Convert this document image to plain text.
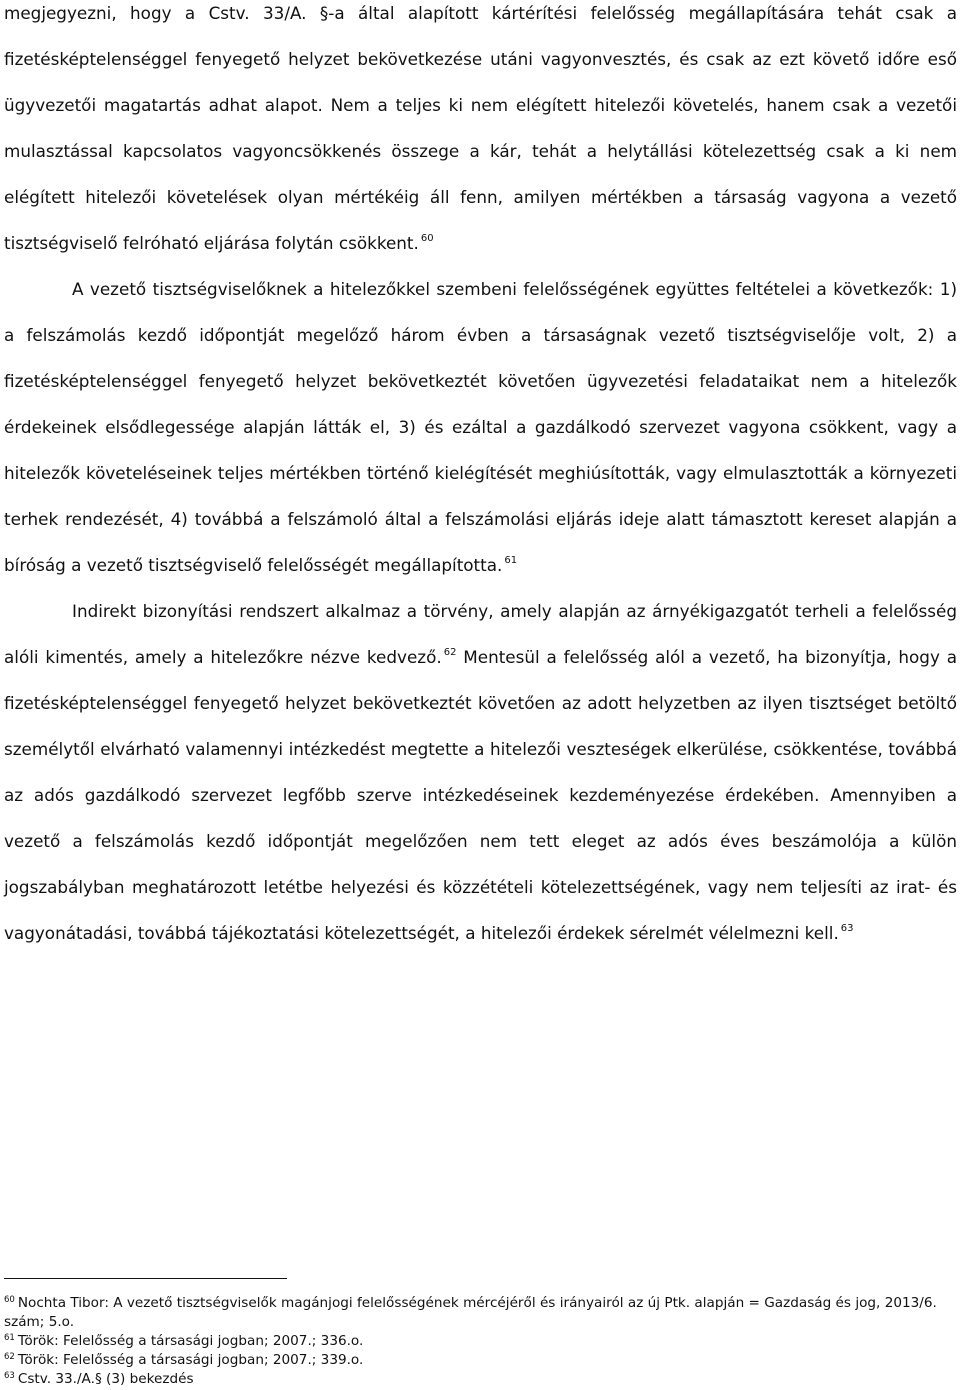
megjegyezni, hogy a Cstv. 33/A. §-a által alapított kártérítési felelősség megállapítására tehát csak a fizetésképtelenséggel fenyegető helyzet bekövetkezése utáni vagyonvesztés, és csak az ezt követő időre eső ügyvezetői magatartás adhat alapot. Nem a teljes ki nem elégített hitelezői követelés, hanem csak a vezetői mulasztással kapcsolatos vagyoncsökkenés összege a kár, tehát a helytállási kötelezettség csak a ki nem elégített hitelezői követelések olyan mértékéig áll fenn, amilyen mértékben a társaság vagyona a vezető tisztségviselő felróható eljárása folytán csökkent. $^{60}$

A vezető tisztségviselőknek a hitelezőkkel szembeni felelősségének együttes feltételei a következők: 1) a felszámolás kezdő időpontját megelőző három évben a társaságnak vezető tisztségviselője volt, 2) a fizetésképtelenséggel fenyegető helyzet bekövetkeztét követően ügyvezetési feladataikat nem a hitelezők érdekeinek elsődlegessége alapján látták el, 3) és ezáltal a gazdálkodó szervezet vagyona csökkent, vagy a hitelezők követeléseinek teljes mértékben történő kielégítését meghiúsították, vagy elmulasztották a környezeti terhek rendezését, 4) továbbá a felszámoló által a felszámolási eljárás ideje alatt támasztott kereset alapján a bíróság a vezető tisztségviselő felelősségét megállapította. $^{61}$

Indirekt bizonyítási rendszert alkalmaz a törvény, amely alapján az árnyékigazgatót terheli a felelősség alóli kimentés, amely a hitelezőkre nézve kedvező. $^{62}$ Mentesül a felelősség alól a vezető, ha bizonyítja, hogy a fizetésképtelenséggel fenyegető helyzet bekövetkeztét követően az adott helyzetben az ilyen tisztséget betöltő személytől elvárható valamennyi intézkedést megtette a hitelezői veszteségek elkerülése, csökkentése, továbbá az adós gazdálkodó szervezet legfőbb szerve intézkedéseinek kezdeményezése érdekében. Amennyiben a vezető a felszámolás kezdő időpontját megelőzően nem tett eleget az adós éves beszámolója a külön jogszabályban meghatározott letétbe helyezési és közzétételi kötelezettségének, vagy nem teljesíti az irat- és vagyonátadási, továbbá tájékoztatási kötelezettségét, a hitelezői érdekek sérelmét vélelmezni kell. $^{63}$

$^{60}$ Nochta Tibor: A vezető tisztségviselők magánjogi felelősségének mércéjéről és irányairól az új Ptk. alapján = Gazdaság és jog, 2013/6. szám; 5.o.

$^{61}$ Török: Felelősség a társasági jogban; 2007.; 336.o.

$^{62}$ Török: Felelősség a társasági jogban; 2007.; 339.o.

$^{63}$ Cstv. 33./A.§ (3) bekezdés
